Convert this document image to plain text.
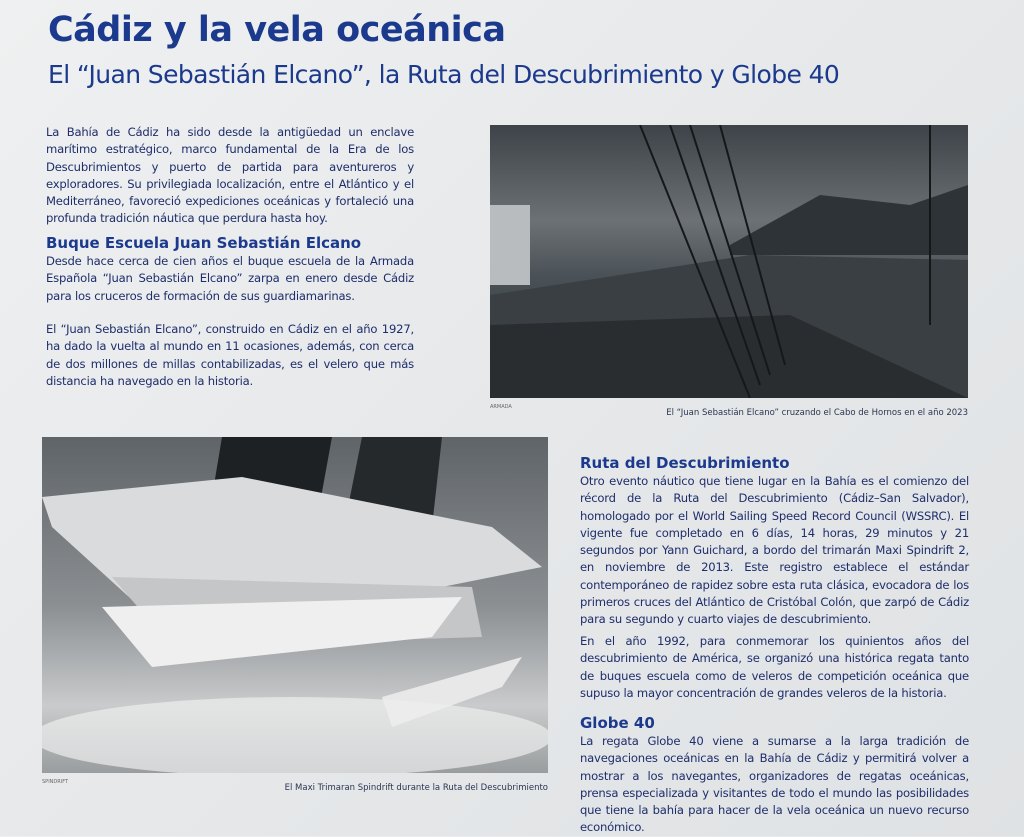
Cádiz y la vela oceánica
El “Juan Sebastián Elcano”, la Ruta del Descubrimiento y Globe 40
La Bahía de Cádiz ha sido desde la antigüedad un enclave marítimo estratégico, marco fundamental de la Era de los Descubrimientos y puerto de partida para aventureros y exploradores. Su privilegiada localización, entre el Atlántico y el Mediterráneo, favoreció expediciones oceánicas y fortaleció una profunda tradición náutica que perdura hasta hoy.
Buque Escuela Juan Sebastián Elcano
Desde hace cerca de cien años el buque escuela de la Armada Española “Juan Sebastián Elcano” zarpa en enero desde Cádiz para los cruceros de formación de sus guardiamarinas.
El “Juan Sebastián Elcano”, construido en Cádiz en el año 1927, ha dado la vuelta al mundo en 11 ocasiones, además, con cerca de dos millones de millas contabilizadas, es el velero que más distancia ha navegado en la historia.
ARMADA
El “Juan Sebastián Elcano” cruzando el Cabo de Hornos en el año 2023
SPINDRIFT
El Maxi Trimaran Spindrift durante la Ruta del Descubrimiento
Ruta del Descubrimiento
Otro evento náutico que tiene lugar en la Bahía es el comienzo del récord de la Ruta del Descubrimiento (Cádiz–San Salvador), homologado por el World Sailing Speed Record Council (WSSRC). El vigente fue completado en 6 días, 14 horas, 29 minutos y 21 segundos por Yann Guichard, a bordo del trimarán Maxi Spindrift 2, en noviembre de 2013. Este registro establece el estándar contemporáneo de rapidez sobre esta ruta clásica, evocadora de los primeros cruces del Atlántico de Cristóbal Colón, que zarpó de Cádiz para su segundo y cuarto viajes de descubrimiento.
En el año 1992, para conmemorar los quinientos años del descubrimiento de América, se organizó una histórica regata tanto de buques escuela como de veleros de competición oceánica que supuso la mayor concentración de grandes veleros de la historia.
Globe 40
La regata Globe 40 viene a sumarse a la larga tradición de navegaciones oceánicas en la Bahía de Cádiz y permitirá volver a mostrar a los navegantes, organizadores de regatas oceánicas, prensa especializada y visitantes de todo el mundo las posibilidades que tiene la bahía para hacer de la vela oceánica un nuevo recurso económico.
